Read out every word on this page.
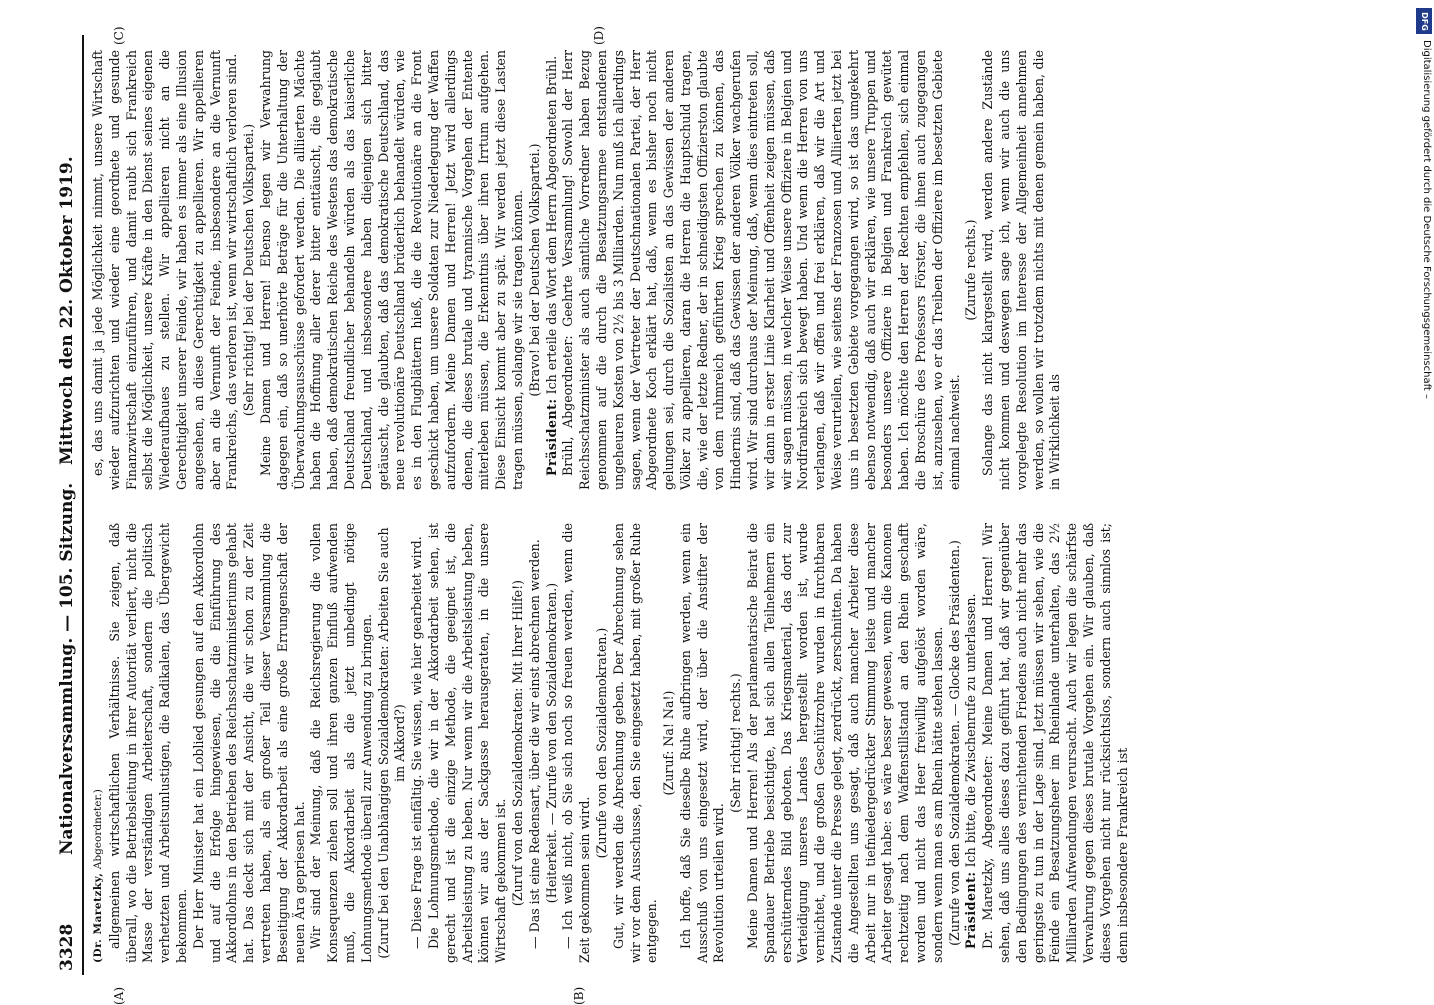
3328
Nationalversammlung. — 105. Sitzung.
Mittwoch den 22. Oktober 1919.
(A)	(B)
(C)	(D)

(Dr. Maretzky, Abgeordneter.) allgemeinen wirtschaftlichen Verhältnisse. Sie zeigen, daß überall, wo die Betriebsleitung in ihrer Autorität verliert, nicht die Masse der verständigen Arbeiterschaft, sondern die politisch verhetzten und Arbeitsunlustigen, die Radikalen, das Übergewicht bekommen. Der Herr Minister hat ein Loblied gesungen auf den Akkordlohn und auf die Erfolge hingewiesen, die die Einführung des Akkordlohns in den Betrieben des Reichsschatzministeriums gehabt hat. Das deckt sich mit der Ansicht, die wir schon zu der Zeit vertreten haben, als ein großer Teil dieser Versammlung die Beseitigung der Akkordarbeit als eine große Errungenschaft der neuen Ära gepriesen hat. Wir sind der Meinung, daß die Reichsregierung die vollen Konsequenzen ziehen soll und ihren ganzen Einfluß aufwenden muß, die Akkordarbeit als die jetzt unbedingt nötige Lohnungsmethode überall zur Anwendung zu bringen. (Zuruf bei den Unabhängigen Sozialdemokraten: Arbeiten Sie auch im Akkord?) — Diese Frage ist einfältig. Sie wissen, wie hier gearbeitet wird. Die Lohnungsmethode, die wir in der Akkordarbeit sehen, ist gerecht und ist die einzige Methode, die geeignet ist, die Arbeitsleistung zu heben. Nur wenn wir die Arbeitsleistung heben, können wir aus der Sackgasse herausgeraten, in die unsere Wirtschaft gekommen ist. (Zuruf von den Sozialdemokraten: Mit Ihrer Hilfe!) — Das ist eine Redensart, über die wir einst abrechnen werden. (Heiterkeit. — Zurufe von den Sozialdemokraten.) — Ich weiß nicht, ob Sie sich noch so freuen werden, wenn die Zeit gekommen sein wird.

(Zurufe von den Sozialdemokraten.) Gut, wir werden die Abrechnung geben. Der Abrechnung sehen wir vor dem Ausschusse, den Sie eingesetzt haben, mit großer Ruhe entgegen.

(Zuruf: Na! Na!) Ich hoffe, daß Sie dieselbe Ruhe aufbringen werden, wenn ein Ausschuß von uns eingesetzt wird, der über die Anstifter der Revolution urteilen wird.

(Sehr richtig! rechts.) Meine Damen und Herren! Als der parlamentarische Beirat die Spandauer Betriebe besichtigte, hat sich allen Teilnehmern ein erschütterndes Bild geboten. Das Kriegsmaterial, das dort zur Verteidigung unseres Landes hergestellt worden ist, wurde vernichtet, und die großen Geschützrohre wurden in furchtbaren Zustande unter die Presse gelegt, zerdrückt, zerschnitten. Da haben die Angestellten uns gesagt, daß auch mancher Arbeiter diese Arbeit nur in tiefniedergedrückter Stimmung leiste und mancher Arbeiter gesagt habe: es wäre besser gewesen, wenn die Kanonen rechtzeitig nach dem Waffenstillstand an den Rhein geschafft worden und nicht das Heer freiwillig aufgelöst worden wäre, sondern wenn man es am Rhein hätte stehen lassen. (Zurufe von den Sozialdemokraten. — Glocke des Präsidenten.) Präsident: Ich bitte, die Zwischenrufe zu unterlassen. Dr. Maretzky, Abgeordneter: Meine Damen und Herren! Wir sehen, daß uns alles dieses dazu geführt hat, daß wir gegenüber den Bedingungen des vernichtenden Friedens auch nicht mehr das geringste zu tun in der Lage sind. Jetzt müssen wir sehen, wie die Feinde ein Besatzungsheer im Rheinlande unterhalten, das 2½ Milliarden Aufwendungen verursacht. Auch wir legen die schärfste Verwahrung gegen dieses brutale Vorgehen ein. Wir glauben, daß dieses Vorgehen nicht nur rücksichtslos, sondern auch sinnlos ist; denn insbesondere Frankreich ist

es, das uns damit ja jede Möglichkeit nimmt, unsere Wirtschaft wieder aufzurichten und wieder eine geordnete und gesunde Finanzwirtschaft einzuführen, und damit raubt sich Frankreich selbst die Möglichkeit, unsere Kräfte in den Dienst seines eigenen Wiederaufbaues zu stellen. Wir appellieren nicht an die Gerechtigkeit unserer Feinde, wir haben es immer als eine Illusion angesehen, an diese Gerechtigkeit zu appellieren. Wir appellieren aber an die Vernunft der Feinde, insbesondere an die Vernunft Frankreichs, das verloren ist, wenn wir wirtschaftlich verloren sind. (Sehr richtig! bei der Deutschen Volkspartei.) Meine Damen und Herren! Ebenso legen wir Verwahrung dagegen ein, daß so unerhörte Beträge für die Unterhaltung der Überwachungsausschüsse gefordert werden. Die alliierten Mächte haben die Hoffnung aller derer bitter enttäuscht, die geglaubt haben, daß demokratischen Reiche des Westens das demokratische Deutschland freundlicher behandeln würden als das kaiserliche Deutschland, und insbesondere haben diejenigen sich bitter getäuscht, die glaubten, daß das demokratische Deutschland, das neue revolutionäre Deutschland brüderlich behandelt würden, wie es in den Flugblättern hieß, die die Revolutionäre an die Front geschickt haben, um unsere Soldaten zur Niederlegung der Waffen aufzufordern. Meine Damen und Herren! Jetzt wird allerdings denen, die dieses brutale und tyrannische Vorgehen der Entente miterleben müssen, die Erkenntnis über ihren Irrtum aufgehen. Diese Einsicht kommt aber zu spät. Wir werden jetzt diese Lasten tragen müssen, solange wir sie tragen können. (Bravo! bei der Deutschen Volkspartei.)

Präsident: Ich erteile das Wort dem Herrn Abgeordneten Brühl. Brühl, Abgeordneter: Geehrte Versammlung! Sowohl der Herr Reichsschatzminister als auch sämtliche Vorredner haben Bezug genommen auf die durch die Besatzungsarmee entstandenen ungeheuren Kosten von 2½ bis 3 Milliarden. Nun muß ich allerdings sagen, wenn der Vertreter der Deutschnationalen Partei, der Herr Abgeordnete Koch erklärt hat, daß, wenn es bisher noch nicht gelungen sei, durch die Sozialisten an das Gewissen der anderen Völker zu appellieren, daran die Herren die Hauptschuld tragen, die, wie der letzte Redner, der in schneidigsten Offizierston glaubte von dem ruhmreich geführten Krieg sprechen zu können, das Hindernis sind, daß das Gewissen der anderen Völker wachgerufen wird. Wir sind durchaus der Meinung, daß, wenn dies eintreten soll, wir dann in erster Linie Klarheit und Offenheit zeigen müssen, daß wir sagen müssen, in welcher Weise unsere Offiziere in Belgien und Nordfrankreich sich bewegt haben. Und wenn die Herren von uns verlangen, daß wir offen und frei erklären, daß wir die Art und Weise verurteilen, wie seitens der Franzosen und Alliierten jetzt bei uns in besetzten Gebiete vorgegangen wird, so ist das umgekehrt ebenso notwendig, daß auch wir erklären, wie unsere Truppen und besonders unsere Offiziere in Belgien und Frankreich gewütet haben. Ich möchte den Herren der Rechten empfehlen, sich einmal die Broschüre des Professors Förster, die ihnen auch zugegangen ist, anzusehen, wo er das Treiben der Offiziere im besetzten Gebiete einmal nachweist.

(Zurufe rechts.) Solange das nicht klargestellt wird, werden andere Zustände nicht kommen und deswegen sage ich, wenn wir auch die uns vorgelegte Resolution im Interesse der Allgemeinheit annehmen werden, so wollen wir trotzdem nichts mit denen gemein haben, die in Wirklichkeit als

DFG
Digitalisierung gefördert durch die Deutsche Forschungsgemeinschaft –
